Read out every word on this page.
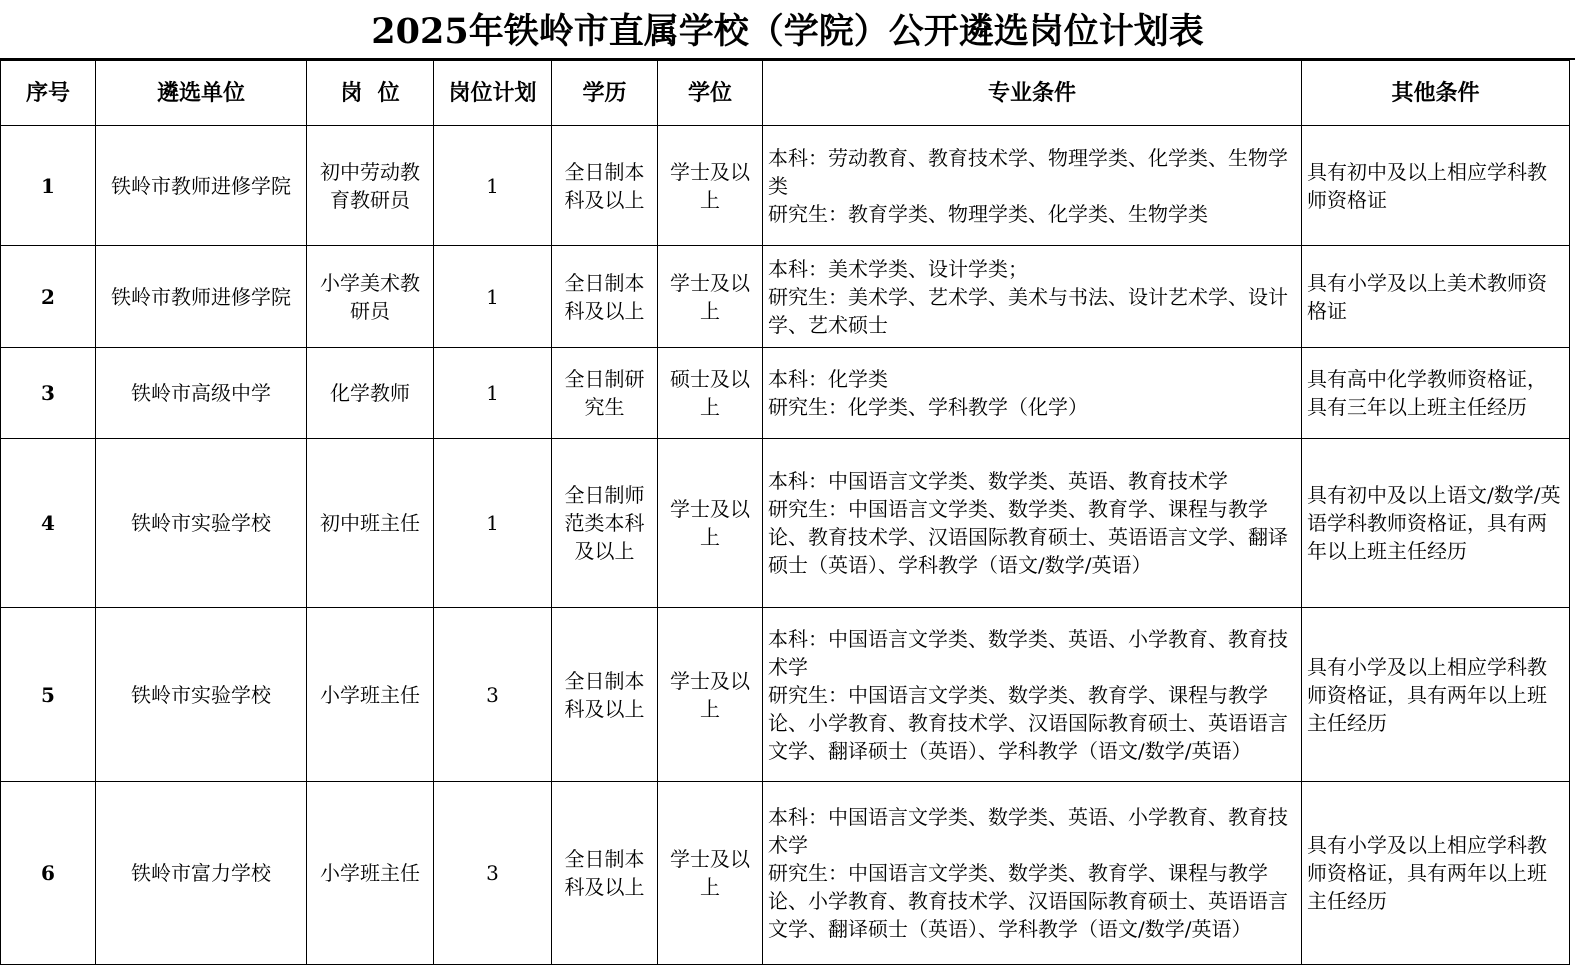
2025年铁岭市直属学校（学院）公开遴选岗位计划表
序号	遴选单位	岗  位	岗位计划	学历	学位	专业条件	其他条件
1	铁岭市教师进修学院	初中劳动教育教研员	1	全日制本科及以上	学士及以上	本科：劳动教育、教育技术学、物理学类、化学类、生物学类
研究生：教育学类、物理学类、化学类、生物学类	具有初中及以上相应学科教师资格证
2	铁岭市教师进修学院	小学美术教研员	1	全日制本科及以上	学士及以上	本科：美术学类、设计学类；
研究生：美术学、艺术学、美术与书法、设计艺术学、设计学、艺术硕士	具有小学及以上美术教师资格证
3	铁岭市高级中学	化学教师	1	全日制研究生	硕士及以上	本科：化学类
研究生：化学类、学科教学（化学）	具有高中化学教师资格证，具有三年以上班主任经历
4	铁岭市实验学校	初中班主任	1	全日制师范类本科及以上	学士及以上	本科：中国语言文学类、数学类、英语、教育技术学
研究生：中国语言文学类、数学类、教育学、课程与教学论、教育技术学、汉语国际教育硕士、英语语言文学、翻译硕士（英语）、学科教学（语文/数学/英语）	具有初中及以上语文/数学/英语学科教师资格证，具有两年以上班主任经历
5	铁岭市实验学校	小学班主任	3	全日制本科及以上	学士及以上	本科：中国语言文学类、数学类、英语、小学教育、教育技术学
研究生：中国语言文学类、数学类、教育学、课程与教学论、小学教育、教育技术学、汉语国际教育硕士、英语语言文学、翻译硕士（英语）、学科教学（语文/数学/英语）	具有小学及以上相应学科教师资格证，具有两年以上班主任经历
6	铁岭市富力学校	小学班主任	3	全日制本科及以上	学士及以上	本科：中国语言文学类、数学类、英语、小学教育、教育技术学
研究生：中国语言文学类、数学类、教育学、课程与教学论、小学教育、教育技术学、汉语国际教育硕士、英语语言文学、翻译硕士（英语）、学科教学（语文/数学/英语）	具有小学及以上相应学科教师资格证，具有两年以上班主任经历
